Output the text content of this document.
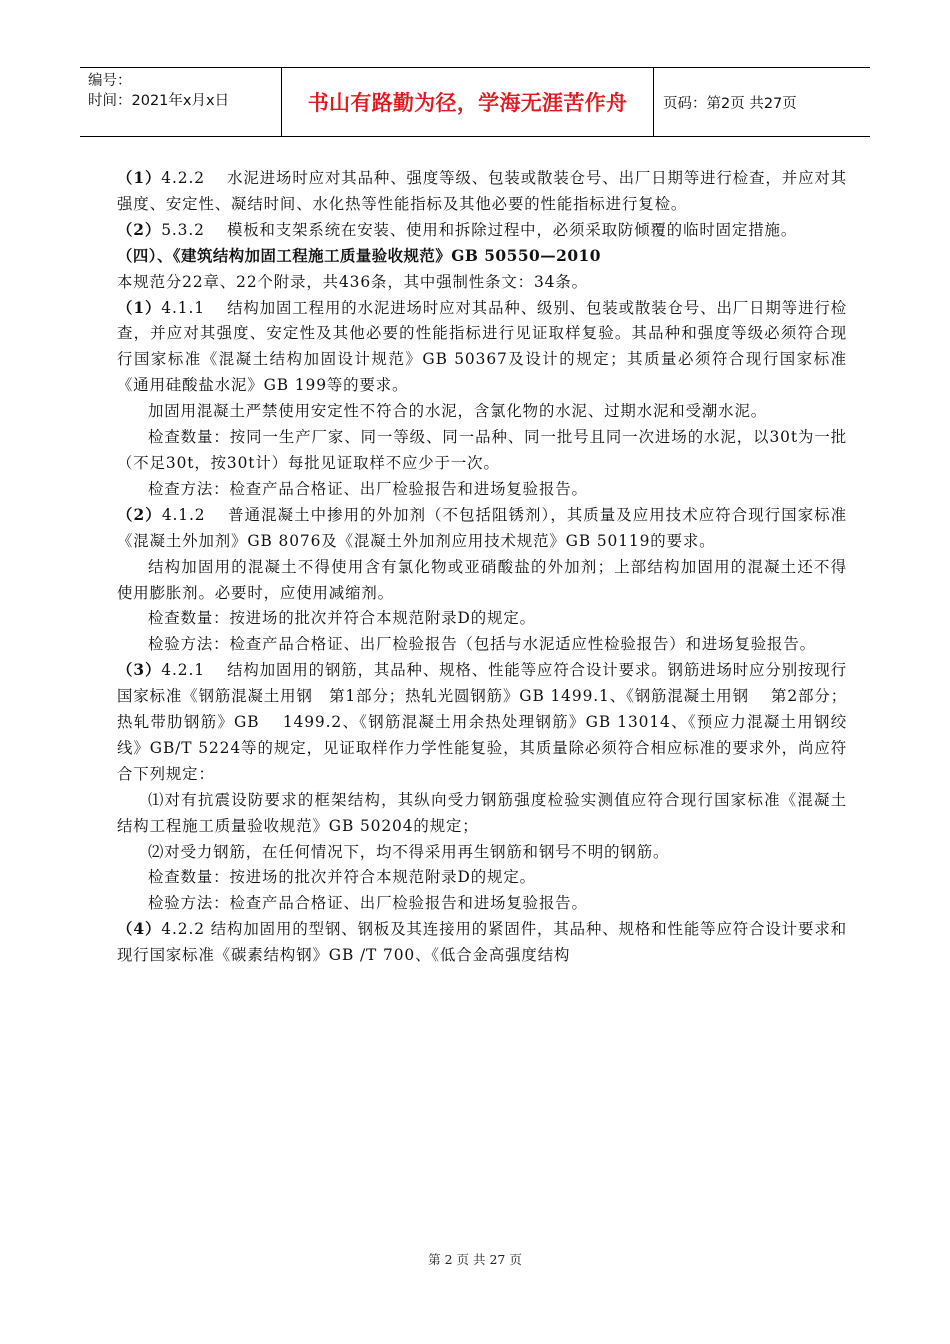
编号：
时间：2021年x月x日	书山有路勤为径，学海无涯苦作舟	页码：第2页 共27页

（1）4.2.2　 水泥进场时应对其品种、强度等级、包装或散装仓号、出厂日期等进行检查，并应对其强度、安定性、凝结时间、水化热等性能指标及其他必要的性能指标进行复检。

（2）5.3.2　 模板和支架系统在安装、使用和拆除过程中，必须采取防倾覆的临时固定措施。

（四）、《建筑结构加固工程施工质量验收规范》GB 50550—2010

本规范分22章、22个附录，共436条，其中强制性条文：34条。

（1）4.1.1　 结构加固工程用的水泥进场时应对其品种、级别、包装或散装仓号、出厂日期等进行检查，并应对其强度、安定性及其他必要的性能指标进行见证取样复验。其品种和强度等级必须符合现行国家标准《混凝土结构加固设计规范》GB 50367及设计的规定；其质量必须符合现行国家标准《通用硅酸盐水泥》GB 199等的要求。

加固用混凝土严禁使用安定性不符合的水泥，含氯化物的水泥、过期水泥和受潮水泥。

检查数量：按同一生产厂家、同一等级、同一品种、同一批号且同一次进场的水泥，以30t为一批（不足30t，按30t计）每批见证取样不应少于一次。

检查方法：检查产品合格证、出厂检验报告和进场复验报告。

（2）4.1.2　 普通混凝土中掺用的外加剂（不包括阻锈剂），其质量及应用技术应符合现行国家标准《混凝土外加剂》GB 8076及《混凝土外加剂应用技术规范》GB 50119的要求。

结构加固用的混凝土不得使用含有氯化物或亚硝酸盐的外加剂；上部结构加固用的混凝土还不得使用膨胀剂。必要时，应使用减缩剂。

检查数量：按进场的批次并符合本规范附录D的规定。

检验方法：检查产品合格证、出厂检验报告（包括与水泥适应性检验报告）和进场复验报告。

（3）4.2.1　 结构加固用的钢筋，其品种、规格、性能等应符合设计要求。钢筋进场时应分别按现行国家标准《钢筋混凝土用钢　第1部分；热轧光圆钢筋》GB 1499.1、《钢筋混凝土用钢　 第2部分；热轧带肋钢筋》GB　 1499.2、《钢筋混凝土用余热处理钢筋》GB 13014、《预应力混凝土用钢绞线》GB/T 5224等的规定，见证取样作力学性能复验，其质量除必须符合相应标准的要求外，尚应符合下列规定：

⑴对有抗震设防要求的框架结构，其纵向受力钢筋强度检验实测值应符合现行国家标准《混凝土结构工程施工质量验收规范》GB 50204的规定；

⑵对受力钢筋，在任何情况下，均不得采用再生钢筋和钢号不明的钢筋。

检查数量：按进场的批次并符合本规范附录D的规定。

检验方法：检查产品合格证、出厂检验报告和进场复验报告。

（4）4.2.2 结构加固用的型钢、钢板及其连接用的紧固件，其品种、规格和性能等应符合设计要求和现行国家标准《碳素结构钢》GB /T 700、《低合金高强度结构

第 2 页 共 27 页
